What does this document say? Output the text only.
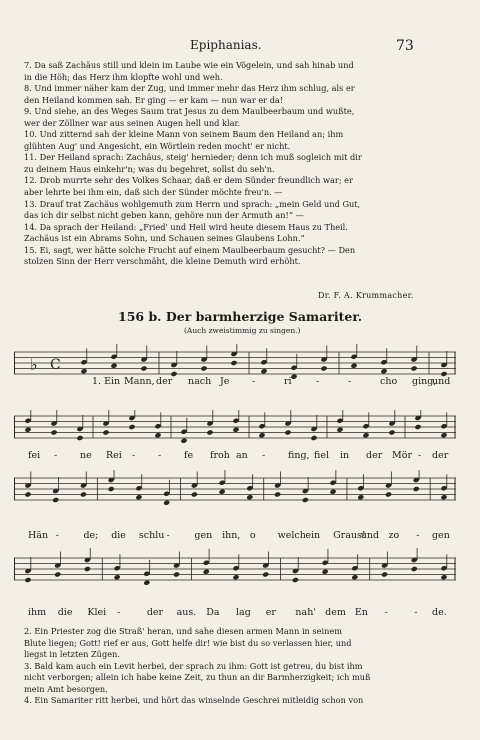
Epiphanias.	73
7. Da saß Zachäus still und klein im Laube wie ein Vögelein, und sah hinab und
in die Höh; das Herz ihm klopfte wohl und weh.
8. Und immer näher kam der Zug, und immer mehr das Herz ihm schlug, als er
den Heiland kommen sah. Er ging — er kam — nun war er da!
9. Und siehe, an des Weges Saum trat Jesus zu dem Maulbeerbaum und wußte,
wer der Zöllner war aus seinen Augen hell und klar.
10. Und zitternd sah der kleine Mann von seinem Baum den Heiland an; ihm
glühten Aug' und Angesicht, ein Wörtlein reden mocht' er nicht.
11. Der Heiland sprach: Zachäus, steig' hernieder; denn ich muß sogleich mit dir
zu deinem Haus einkehr'n; was du begehret, sollst du seh'n.
12. Drob murrte sehr des Volkes Schaar, daß er dem Sünder freundlich war; er
aber lehrte bei ihm ein, daß sich der Sünder möchte freu'n. —
13. Drauf trat Zachäus wohlgemuth zum Herrn und sprach: „mein Geld und Gut,
das ich dir selbst nicht geben kann, gehöre nun der Armuth an!“ —
14. Da sprach der Heiland: „Fried' und Heil wird heute diesem Haus zu Theil.
Zachäus ist ein Abrams Sohn, und Schauen seines Glaubens Lohn.“
15. Ei, sagt, wer hätte solche Frucht auf einem Maulbeerbaum gesucht? — Den
stolzen Sinn der Herr verschmäht, die kleine Demuth wird erhöht.
Dr. F. A. Krummacher.
156 b. Der barmherzige Samariter.
(Auch zweistimmig zu singen.)
♭ C
1. Ein Mann, der nach Je -	ri	-	-	cho ging,
und
fei - ne Rei - - fe froh an - fing, fiel in der Mör - der
Hän -	de; die schlu -	gen ihn, o welch ein Graus!
und zo - gen
ihm die Klei -	der aus. Da lag er nah' dem En -	- de.
2. Ein Priester zog die Straß' heran, und sahe diesen armen Mann in seinem
Blute liegen; Gott! rief er aus, Gott helfe dir! wie bist du so verlassen hier, und
liegst in letzten Zügen.
3. Bald kam auch ein Levit herbei, der sprach zu ihm: Gott ist getreu, du bist ihm
nicht verborgen; allein ich habe keine Zeit, zu thun an dir Barmherzigkeit; ich muß
mein Amt besorgen.
4. Ein Samariter ritt herbei, und hört das winselnde Geschrei mitleidig schon von
